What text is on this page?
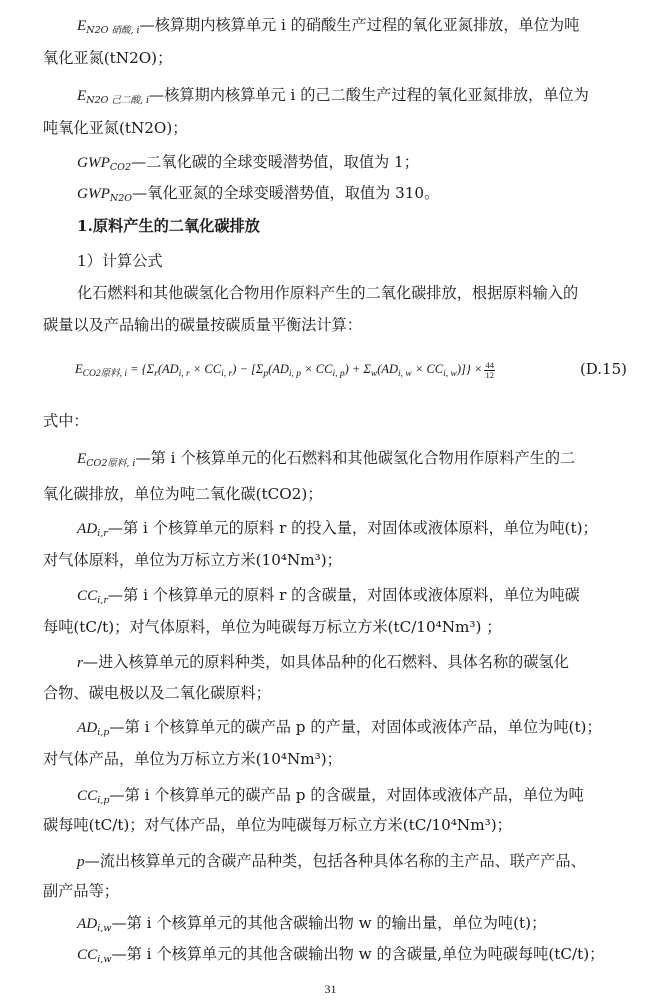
$E_{N2O 硝酸, i}—$核算期内核算单元 i 的硝酸生产过程的氧化亚氮排放，单位为吨
氧化亚氮(tN2O)；
$E_{N2O 己二酸, i}—$核算期内核算单元 i 的己二酸生产过程的氧化亚氮排放，单位为
吨氧化亚氮(tN2O)；
$GWP_{CO2}—$二氧化碳的全球变暖潜势值，取值为 1；
$GWP_{N2O}—$氧化亚氮的全球变暖潜势值，取值为 310。
1.原料产生的二氧化碳排放
1）计算公式
化石燃料和其他碳氢化合物用作原料产生的二氧化碳排放，根据原料输入的
碳量以及产品输出的碳量按碳质量平衡法计算：
$E_{CO2原料, i} = \{\Sigma_r(AD_{i, r} \times CC_{i, r}) - [\Sigma_p(AD_{i, p} \times CC_{i, p}) + \Sigma_w(AD_{i, w} \times CC_{i, w})]\} \times \frac{44}{12}$	(D.15)
式中：
$E_{CO2原料, i}—$第 i 个核算单元的化石燃料和其他碳氢化合物用作原料产生的二
氧化碳排放，单位为吨二氧化碳(tCO2)；
$AD_{i,r}—$第 i 个核算单元的原料 r 的投入量，对固体或液体原料，单位为吨(t)；
对气体原料，单位为万标立方米(10⁴Nm³)；
$CC_{i,r}—$第 i 个核算单元的原料 r 的含碳量，对固体或液体原料，单位为吨碳
每吨(tC/t)；对气体原料，单位为吨碳每万标立方米(tC/10⁴Nm³) ；
r—进入核算单元的原料种类，如具体品种的化石燃料、具体名称的碳氢化
合物、碳电极以及二氧化碳原料；
$AD_{i,p}—$第 i 个核算单元的碳产品 p 的产量，对固体或液体产品，单位为吨(t)；
对气体产品，单位为万标立方米(10⁴Nm³)；
$CC_{i,p}—$第 i 个核算单元的碳产品 p 的含碳量，对固体或液体产品，单位为吨
碳每吨(tC/t)；对气体产品，单位为吨碳每万标立方米(tC/10⁴Nm³)；
p—流出核算单元的含碳产品种类，包括各种具体名称的主产品、联产产品、
副产品等；
$AD_{i,w}—$第 i 个核算单元的其他含碳输出物 w 的输出量，单位为吨(t)；
$CC_{i,w}—$第 i 个核算单元的其他含碳输出物 w 的含碳量,单位为吨碳每吨(tC/t)；
31
